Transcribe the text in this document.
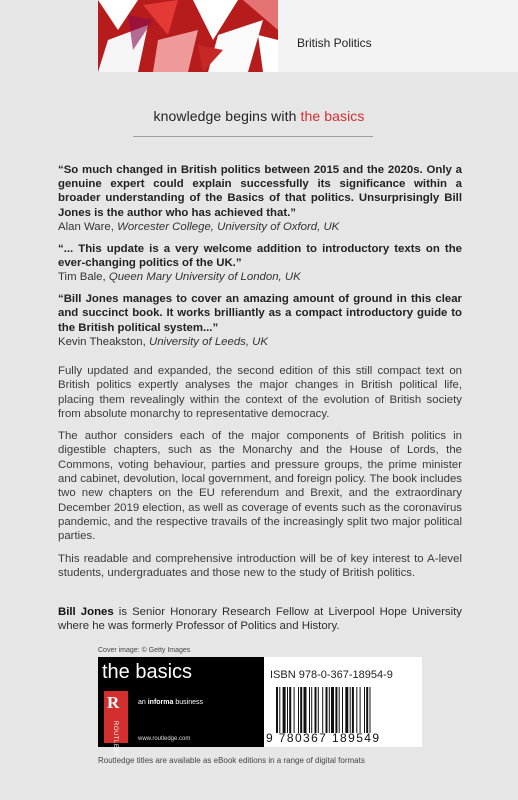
British Politics
knowledge begins with the basics
“So much changed in British politics between 2015 and the 2020s. Only a genuine expert could explain successfully its significance within a broader understanding of the Basics of that politics. Unsurprisingly Bill Jones is the author who has achieved that.”
Alan Ware, Worcester College, University of Oxford, UK
“... This update is a very welcome addition to introductory texts on the ever-changing politics of the UK.”
Tim Bale, Queen Mary University of London, UK
“Bill Jones manages to cover an amazing amount of ground in this clear and succinct book. It works brilliantly as a compact introductory guide to the British political system...”
Kevin Theakston, University of Leeds, UK

Fully updated and expanded, the second edition of this still compact text on British politics expertly analyses the major changes in British political life, placing them revealingly within the context of the evolution of British society from absolute monarchy to representative democracy.

The author considers each of the major components of British politics in digestible chapters, such as the Monarchy and the House of Lords, the Commons, voting behaviour, parties and pressure groups, the prime minister and cabinet, devolution, local government, and foreign policy. The book includes two new chapters on the EU referendum and Brexit, and the extraordinary December 2019 election, as well as coverage of events such as the coronavirus pandemic, and the respective travails of the increasingly split two major political parties.

This readable and comprehensive introduction will be of key interest to A-level students, undergraduates and those new to the study of British politics.

Bill Jones is Senior Honorary Research Fellow at Liverpool Hope University where he was formerly Professor of Politics and History.
Cover image: © Getty Images
the basics
R
ROUTLEDGE
an informa business
www.routledge.com
ISBN 978-0-367-18954-9
9 780367 189549
Routledge titles are available as eBook editions in a range of digital formats
